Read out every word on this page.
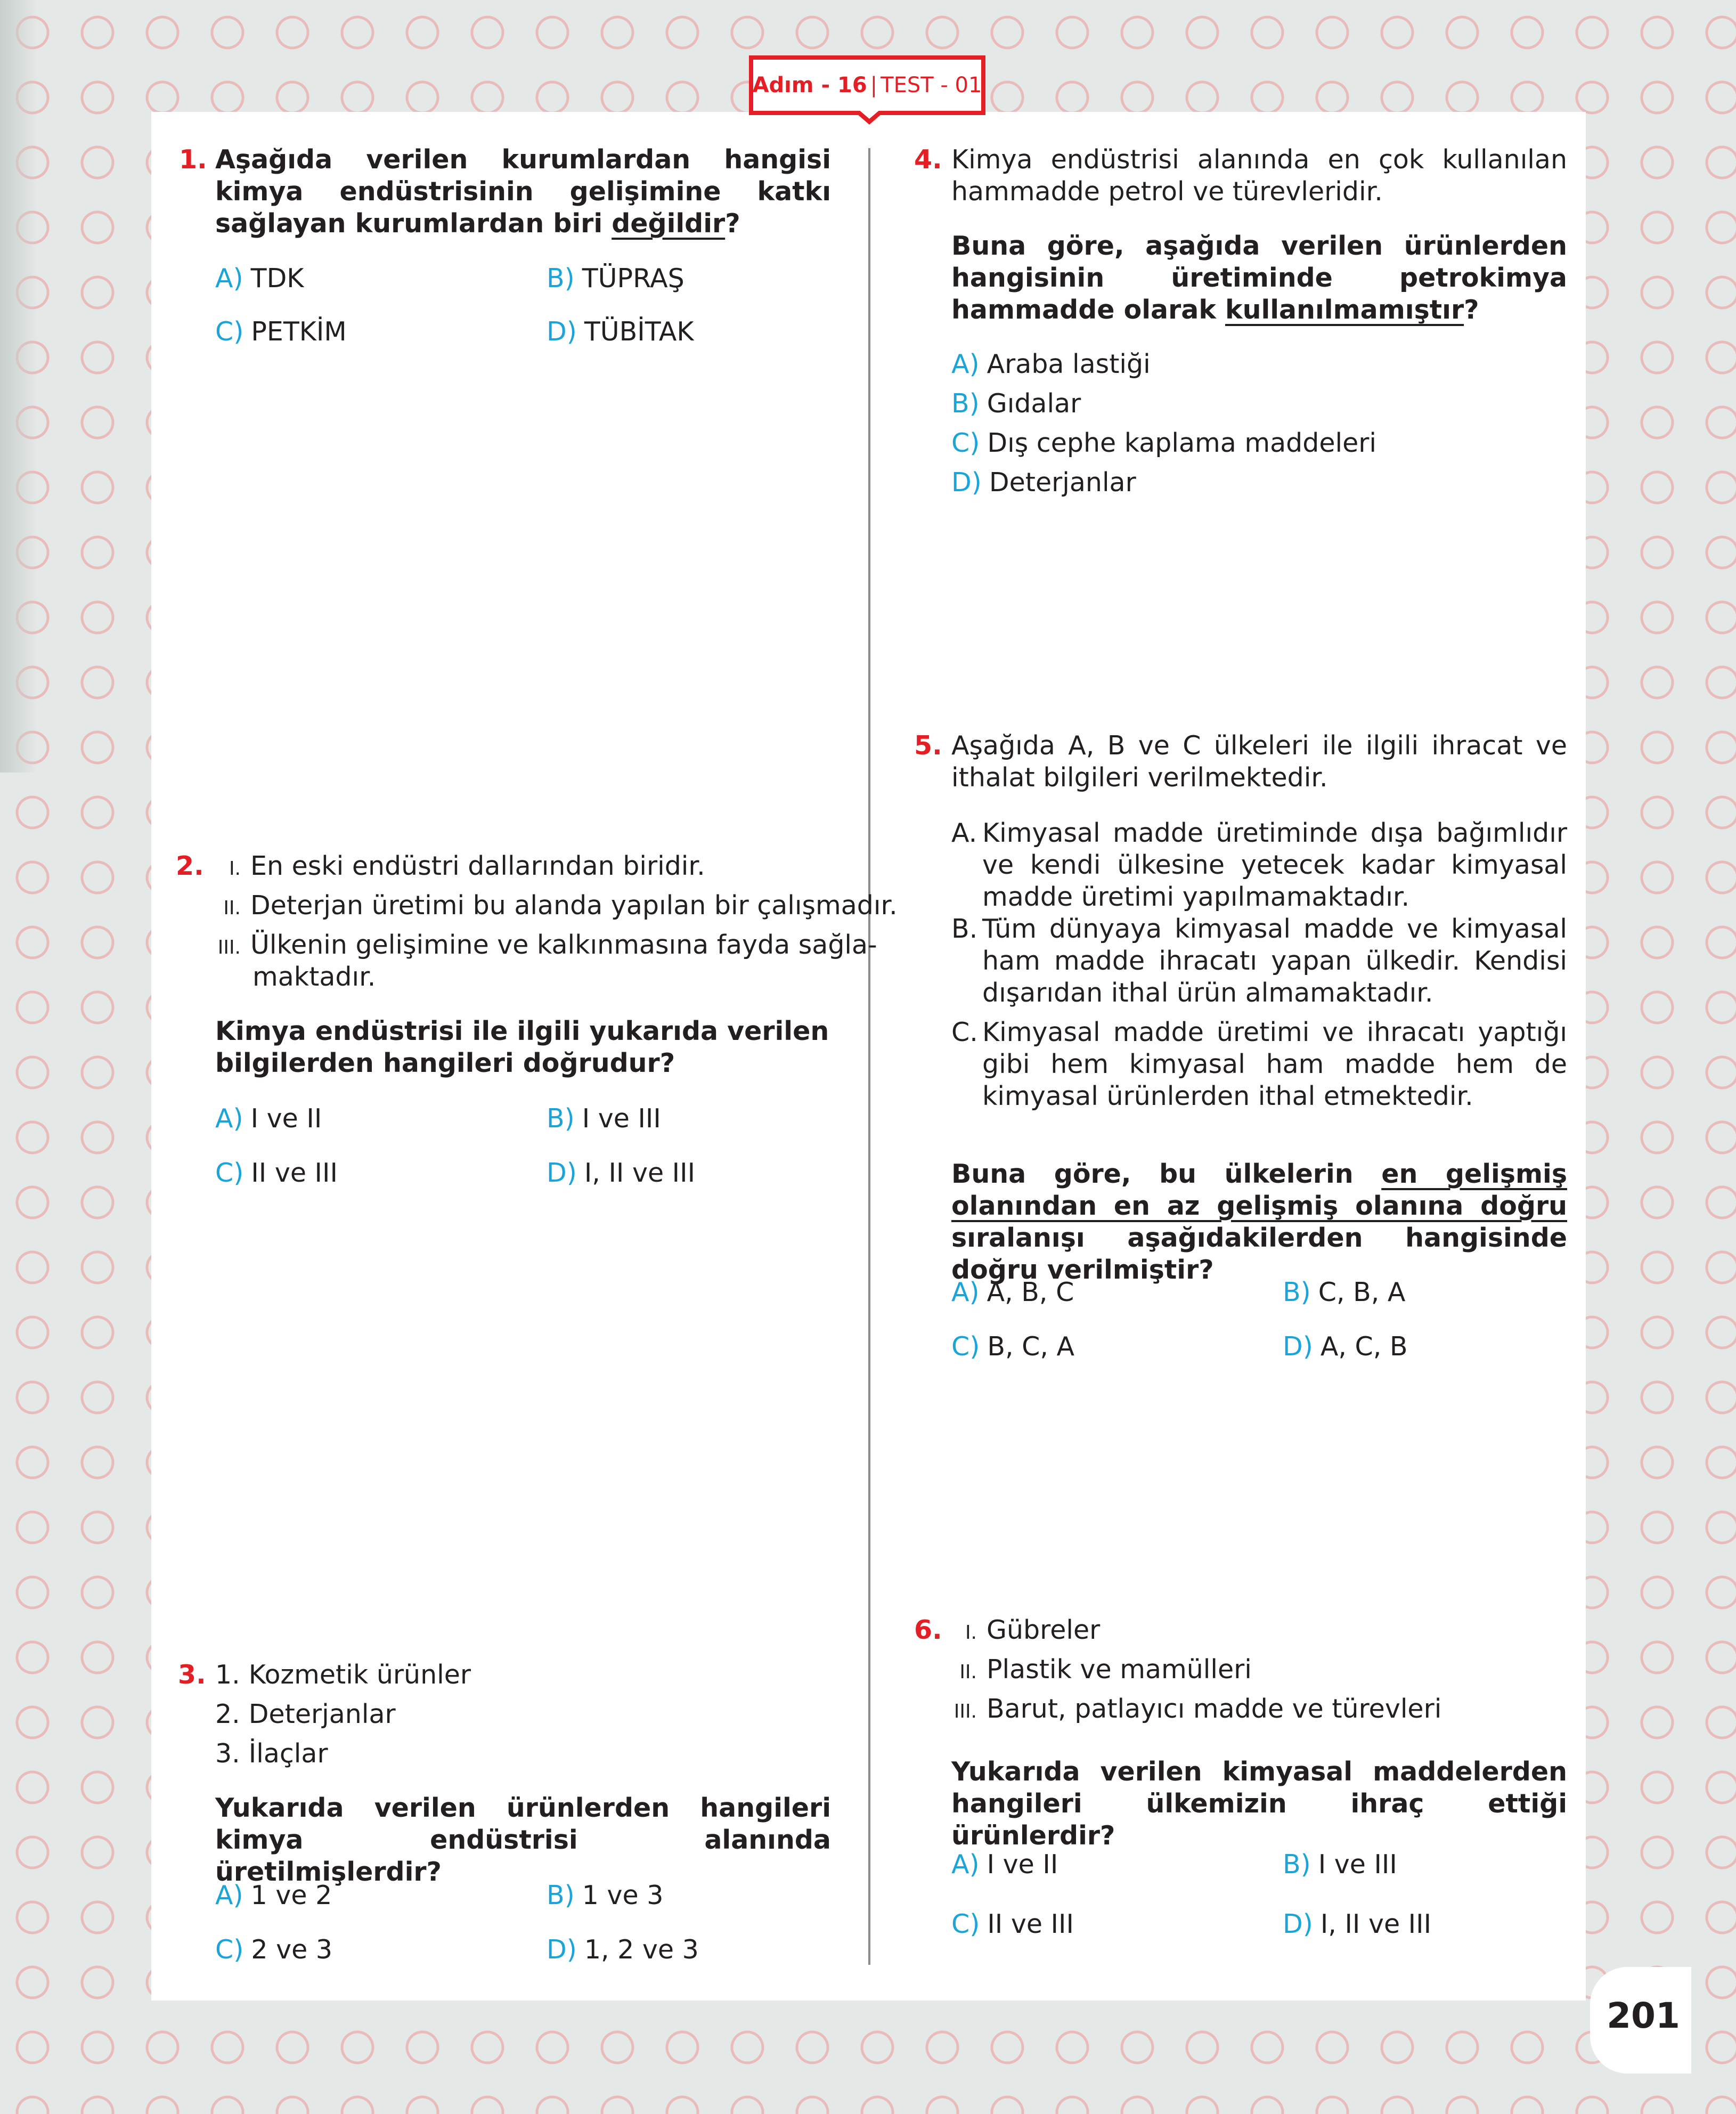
Adım - 16 | TEST - 01
1. Aşağıda verilen kurumlardan hangisi kimya endüstrisinin gelişimine katkı sağlayan kurumlardan biri değildir?
A) TDK	B) TÜPRAŞ
C) PETKİM	D) TÜBİTAK
2.	I. En eski endüstri dallarından biridir.
II. Deterjan üretimi bu alanda yapılan bir çalışmadır.
III. Ülkenin gelişimine ve kalkınmasına fayda sağla-
maktadır.
Kimya endüstrisi ile ilgili yukarıda verilen bilgilerden hangileri doğrudur?
A) I ve II	B) I ve III
C) II ve III	D) I, II ve III
3. 1. Kozmetik ürünler
2. Deterjanlar
3. İlaçlar
Yukarıda verilen ürünlerden hangileri kimya endüstrisi alanında üretilmişlerdir?
A) 1 ve 2	B) 1 ve 3
C) 2 ve 3	D) 1, 2 ve 3
4. Kimya endüstrisi alanında en çok kullanılan hammadde petrol ve türevleridir.
Buna göre, aşağıda verilen ürünlerden hangisinin üretiminde petrokimya hammadde olarak kullanılmamıştır?
A) Araba lastiği
B) Gıdalar
C) Dış cephe kaplama maddeleri
D) Deterjanlar
5. Aşağıda A, B ve C ülkeleri ile ilgili ihracat ve ithalat bilgileri verilmektedir.
A. Kimyasal madde üretiminde dışa bağımlıdır ve kendi ülkesine yetecek kadar kimyasal madde üretimi yapılmamaktadır.
B. Tüm dünyaya kimyasal madde ve kimyasal ham madde ihracatı yapan ülkedir. Kendisi dışarıdan ithal ürün almamaktadır.
C. Kimyasal madde üretimi ve ihracatı yaptığı gibi hem kimyasal ham madde hem de kimyasal ürünlerden ithal etmektedir.
Buna göre, bu ülkelerin en gelişmiş olanından en az gelişmiş olanına doğru sıralanışı aşağıdakilerden hangisinde doğru verilmiştir?
A) A, B, C	B) C, B, A
C) B, C, A	D) A, C, B
6.	I. Gübreler
II. Plastik ve mamülleri
III. Barut, patlayıcı madde ve türevleri
Yukarıda verilen kimyasal maddelerden hangileri ülkemizin ihraç ettiği ürünlerdir?
A) I ve II	B) I ve III
C) II ve III	D) I, II ve III
201
